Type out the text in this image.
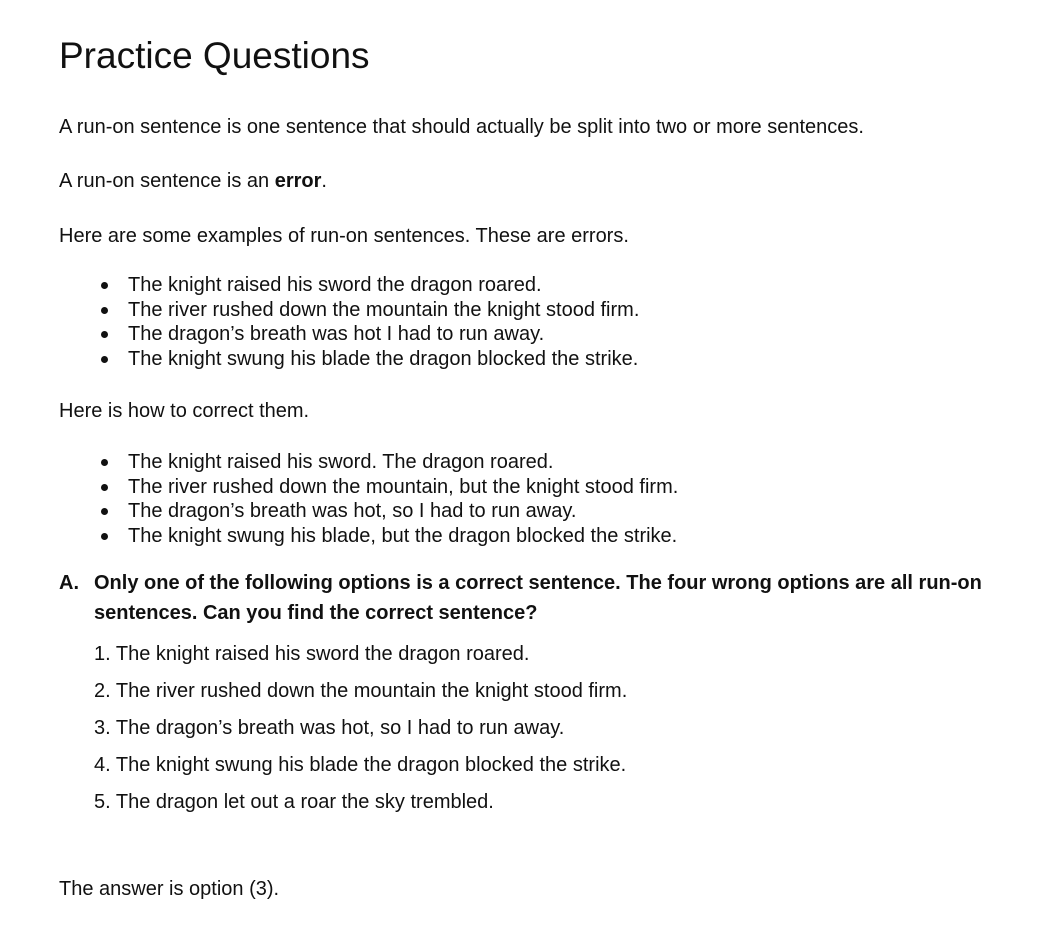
Practice Questions

A run-on sentence is one sentence that should actually be split into two or more sentences.

A run-on sentence is an error.

Here are some examples of run-on sentences. These are errors.

The knight raised his sword the dragon roared.
The river rushed down the mountain the knight stood firm.
The dragon’s breath was hot I had to run away.
The knight swung his blade the dragon blocked the strike.

Here is how to correct them.

The knight raised his sword. The dragon roared.
The river rushed down the mountain, but the knight stood firm.
The dragon’s breath was hot, so I had to run away.
The knight swung his blade, but the dragon blocked the strike.
A. Only one of the following options is a correct sentence. The four wrong options are all run-on sentences. Can you find the correct sentence?

1. The knight raised his sword the dragon roared.
2. The river rushed down the mountain the knight stood firm.
3. The dragon’s breath was hot, so I had to run away.
4. The knight swung his blade the dragon blocked the strike.
5. The dragon let out a roar the sky trembled.

The answer is option (3).
